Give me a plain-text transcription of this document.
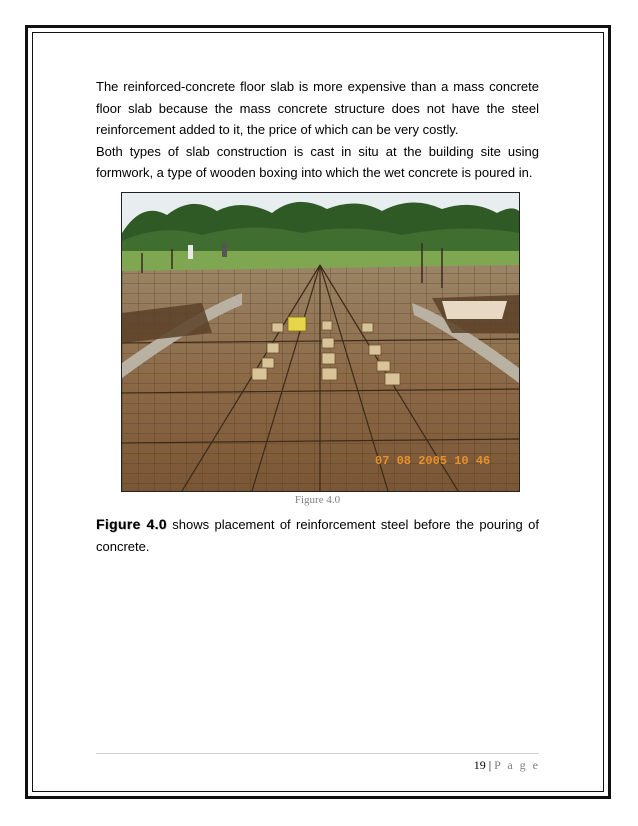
The reinforced-concrete floor slab is more expensive than a mass concrete floor slab because the mass concrete structure does not have the steel reinforcement added to it, the price of which can be very costly.

Both types of slab construction is cast in situ at the building site using formwork, a type of wooden boxing into which the wet concrete is poured in.

07 08 2005 10 46
Figure 4.0
Figure 4.0 shows placement of reinforcement steel before the pouring of concrete.
19 | P a g e
